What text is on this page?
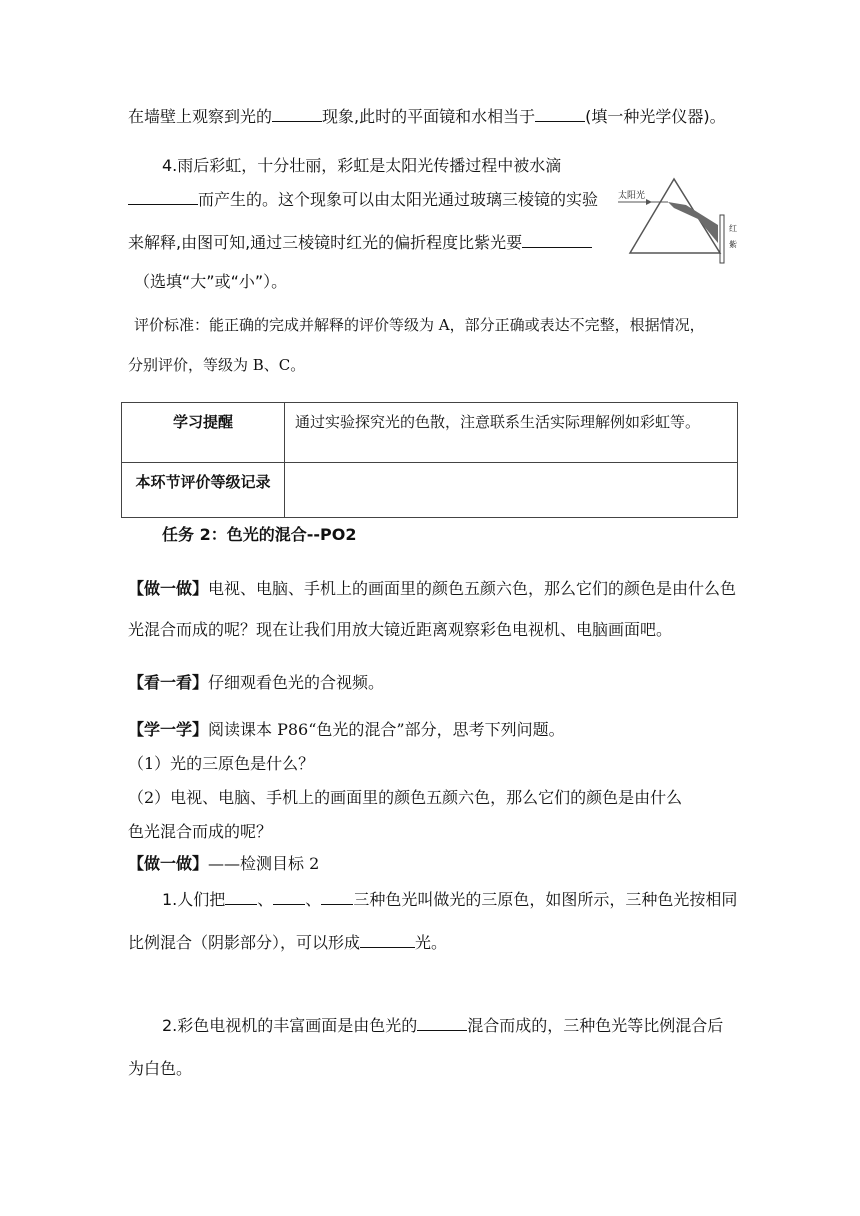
在墙壁上观察到光的	现象,此时的平面镜和水相当于	(填一种光学仪器)。
4.雨后彩虹，十分壮丽，彩虹是太阳光传播过程中被水滴
而产生的。这个现象可以由太阳光通过玻璃三棱镜的实验
来解释,由图可知,通过三棱镜时红光的偏折程度比紫光要
（选填“大”或“小”）。
太阳光
红
紫
评价标准：能正确的完成并解释的评价等级为 A，部分正确或表达不完整，根据情况，
分别评价，等级为 B、C。
学习提醒	通过实验探究光的色散，注意联系生活实际理解例如彩虹等。
本环节评价等级记录	
任务 2：色光的混合--PO2
【做一做】电视、电脑、手机上的画面里的颜色五颜六色，那么它们的颜色是由什么色
光混合而成的呢？现在让我们用放大镜近距离观察彩色电视机、电脑画面吧。
【看一看】仔细观看色光的合视频。
【学一学】阅读课本 P86“色光的混合”部分，思考下列问题。
（1）光的三原色是什么？
（2）电视、电脑、手机上的画面里的颜色五颜六色，那么它们的颜色是由什么
色光混合而成的呢？
【做一做】——检测目标 2
1.人们把 、 、 三种色光叫做光的三原色，如图所示，三种色光按相同
比例混合（阴影部分），可以形成	光。
2.彩色电视机的丰富画面是由色光的	混合而成的，三种色光等比例混合后
为白色。
